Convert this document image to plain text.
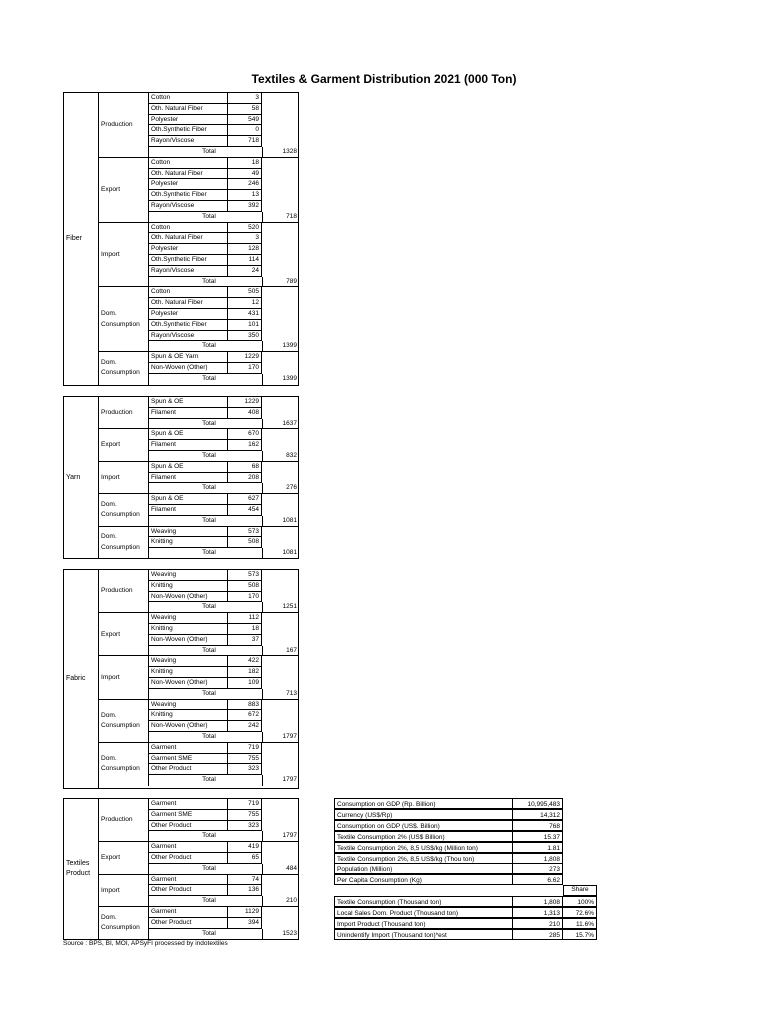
Textiles & Garment Distribution 2021 (000 Ton)
Fiber
Production
Cotton	3
Oth. Natural Fiber	58
Polyester	549
Oth.Synthetic Fiber	0
Rayon/Viscose	718
Total	1328
Export
Cotton	18
Oth. Natural Fiber	49
Polyester	246
Oth.Synthetic Fiber	13
Rayon/Viscose	392
Total	718
Import
Cotton	520
Oth. Natural Fiber	3
Polyester	128
Oth.Synthetic Fiber	114
Rayon/Viscose	24
Total	789
Dom. Consumption
Cotton	505
Oth. Natural Fiber	12
Polyester	431
Oth.Synthetic Fiber	101
Rayon/Viscose	350
Total	1399
Dom. Consumption
Spun & OE Yarn	1229
Non-Woven (Other)	170
Total	1399
Yarn
Production
Spun & OE	1229
Filament	408
Total	1637
Export
Spun & OE	670
Filament	162
Total	832
Import
Spun & OE	68
Filament	208
Total	276
Dom. Consumption
Spun & OE	627
Filament	454
Total	1081
Dom. Consumption
Weaving	573
Knitting	508
Total	1081
Fabric
Production
Weaving	573
Knitting	508
Non-Woven (Other)	170
Total	1251
Export
Weaving	112
Knitting	18
Non-Woven (Other)	37
Total	167
Import
Weaving	422
Knitting	182
Non-Woven (Other)	109
Total	713
Dom. Consumption
Weaving	883
Knitting	672
Non-Woven (Other)	242
Total	1797
Dom. Consumption
Garment	719
Garment SME	755
Other Product	323
Total	1797
Textiles Product
Production
Garment	719
Garment SME	755
Other Product	323
Total	1797
Export
Garment	419
Other Product	65
Total	484
Import
Garment	74
Other Product	136
Total	210
Dom. Consumption
Garment	1129
Other Product	394
Total	1523
Consumption on GDP (Rp. Billion)	10,995,483
Currency (US$/Rp)	14,312
Consumption on GDP (US$. Billion)	768
Textile Consumption 2% (US$ Billion)	15.37
Textile Consumption 2%, 8,5 US$/kg (Million ton)	1.81
Textile Consumption 2%, 8,5 US$/kg (Thou ton)	1,808
Population (Million)	273
Per Capita Consumption (Kg)	6.62
Share
Textile Consumption (Thousand ton)	1,808	100%
Local Sales Dom. Product (Thousand ton)	1,313	72.6%
Import Product (Thousand ton)	210	11.6%
Unindentify Import (Thousand ton)*est	285	15.7%
Source : BPS, BI, MOI, APSyFI processed by indotextiles
